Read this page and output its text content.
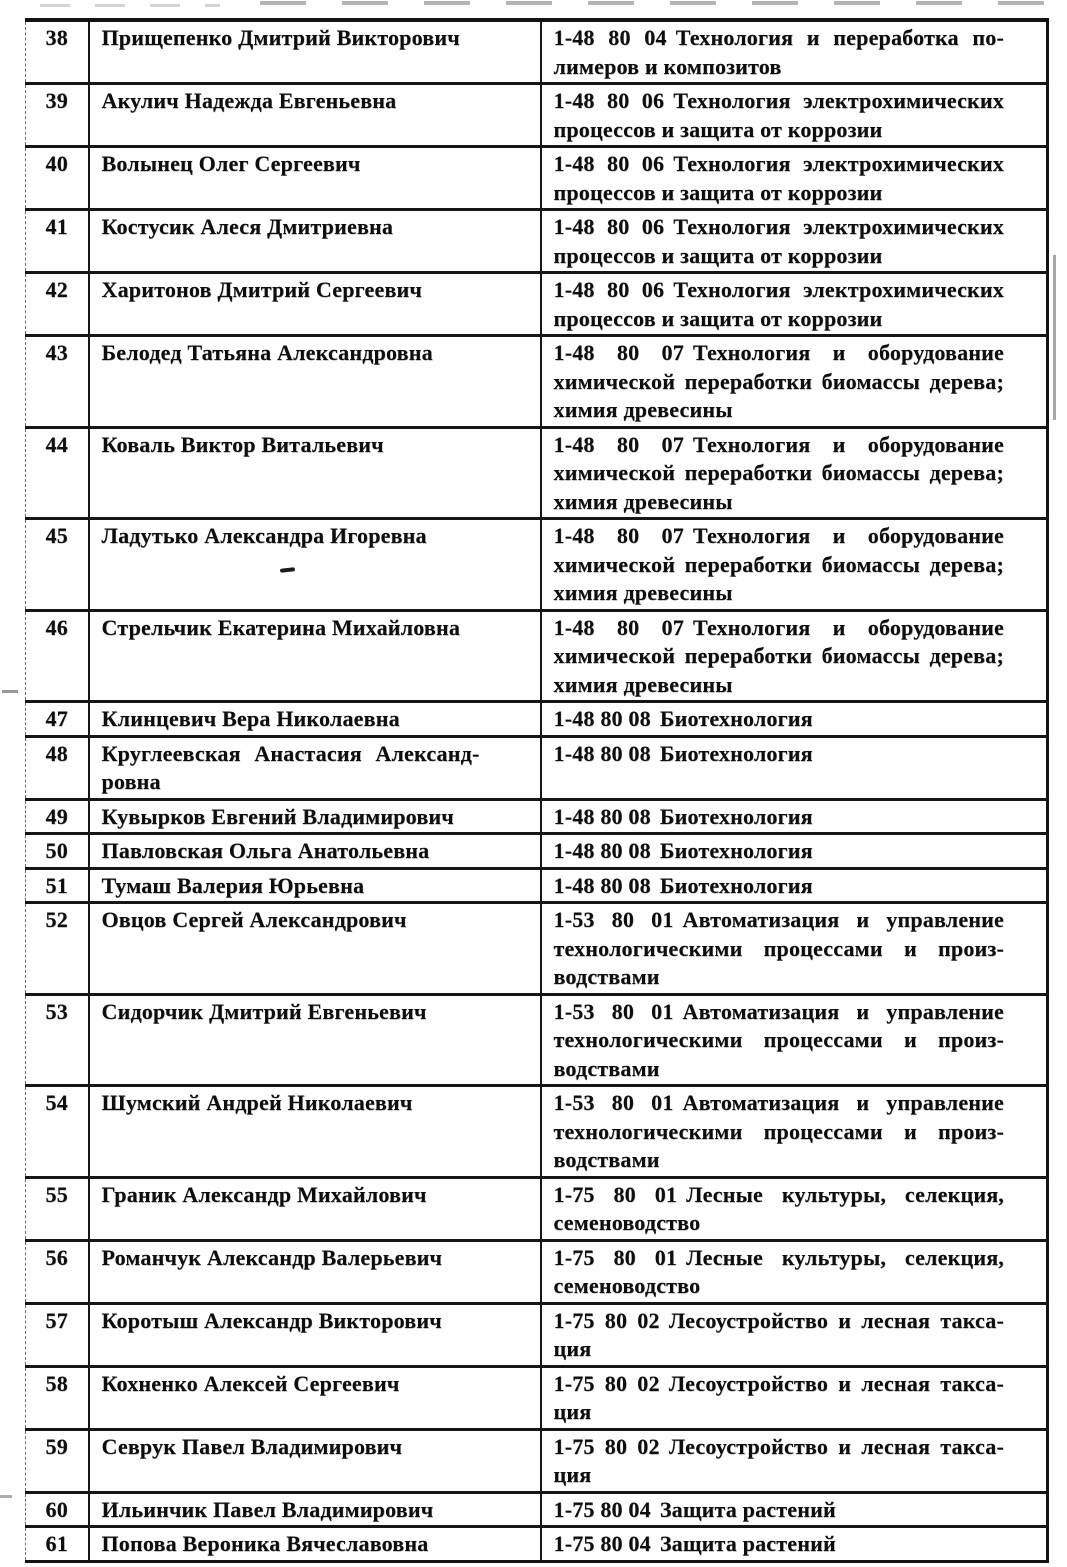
38	Прищепенко Дмитрий Викторович	1-48 80 04 Технология и переработка по-лимеров и композитов
39	Акулич Надежда Евгеньевна	1-48 80 06 Технология электрохимических процессов и защита от коррозии
40	Волынец Олег Сергеевич	1-48 80 06 Технология электрохимических процессов и защита от коррозии
41	Костусик Алеся Дмитриевна	1-48 80 06 Технология электрохимических процессов и защита от коррозии
42	Харитонов Дмитрий Сергеевич	1-48 80 06 Технология электрохимических процессов и защита от коррозии
43	Белодед Татьяна Александровна	1-48 80 07 Технология и оборудование химической переработки биомассы дерева; химия древесины
44	Коваль Виктор Витальевич	1-48 80 07 Технология и оборудование химической переработки биомассы дерева; химия древесины
45	Ладутько Александра Игоревна	1-48 80 07 Технология и оборудование химической переработки биомассы дерева; химия древесины
46	Стрельчик Екатерина Михайловна	1-48 80 07 Технология и оборудование химической переработки биомассы дерева; химия древесины
47	Клинцевич Вера Николаевна	1-48 80 08 Биотехнология
48	Круглеевская Анастасия Александ-ровна	1-48 80 08 Биотехнология
49	Кувырков Евгений Владимирович	1-48 80 08 Биотехнология
50	Павловская Ольга Анатольевна	1-48 80 08 Биотехнология
51	Тумаш Валерия Юрьевна	1-48 80 08 Биотехнология
52	Овцов Сергей Александрович	1-53 80 01 Автоматизация и управление технологическими процессами и произ-водствами
53	Сидорчик Дмитрий Евгеньевич	1-53 80 01 Автоматизация и управление технологическими процессами и произ-водствами
54	Шумский Андрей Николаевич	1-53 80 01 Автоматизация и управление технологическими процессами и произ-водствами
55	Граник Александр Михайлович	1-75 80 01 Лесные культуры, селекция, семеноводство
56	Романчук Александр Валерьевич	1-75 80 01 Лесные культуры, селекция, семеноводство
57	Коротыш Александр Викторович	1-75 80 02 Лесоустройство и лесная такса-ция
58	Кохненко Алексей Сергеевич	1-75 80 02 Лесоустройство и лесная такса-ция
59	Севрук Павел Владимирович	1-75 80 02 Лесоустройство и лесная такса-ция
60	Ильинчик Павел Владимирович	1-75 80 04 Защита растений
61	Попова Вероника Вячеславовна	1-75 80 04 Защита растений
